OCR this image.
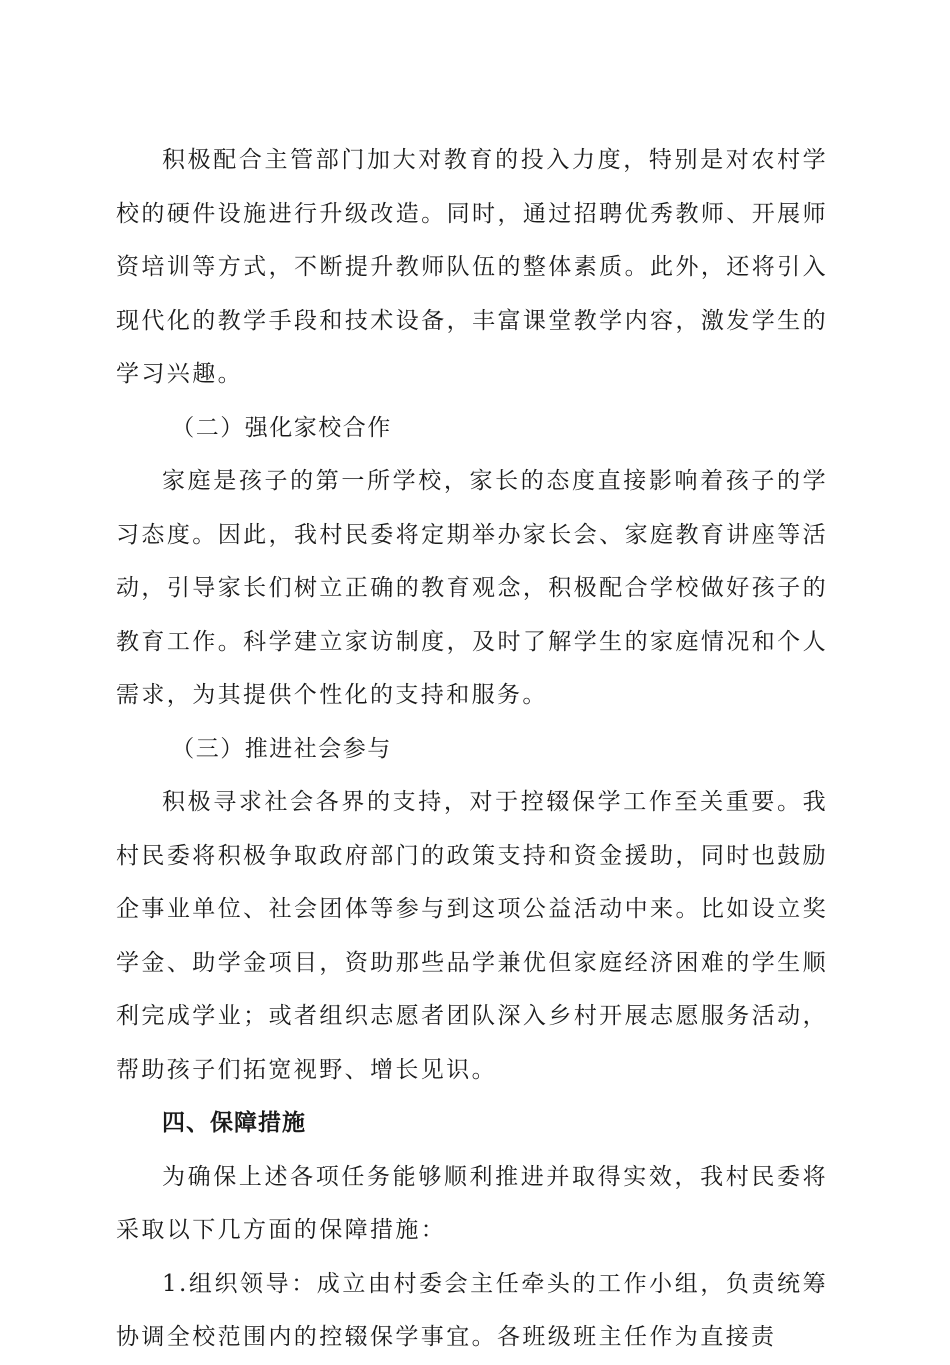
积极配合主管部门加大对教育的投入力度，特别是对农村学校的硬件设施进行升级改造。同时，通过招聘优秀教师、开展师资培训等方式，不断提升教师队伍的整体素质。此外，还将引入现代化的教学手段和技术设备，丰富课堂教学内容，激发学生的学习兴趣。

（二）强化家校合作

家庭是孩子的第一所学校，家长的态度直接影响着孩子的学习态度。因此，我村民委将定期举办家长会、家庭教育讲座等活动，引导家长们树立正确的教育观念，积极配合学校做好孩子的教育工作。科学建立家访制度，及时了解学生的家庭情况和个人需求，为其提供个性化的支持和服务。

（三）推进社会参与

积极寻求社会各界的支持，对于控辍保学工作至关重要。我村民委将积极争取政府部门的政策支持和资金援助，同时也鼓励企事业单位、社会团体等参与到这项公益活动中来。比如设立奖学金、助学金项目，资助那些品学兼优但家庭经济困难的学生顺利完成学业；或者组织志愿者团队深入乡村开展志愿服务活动，帮助孩子们拓宽视野、增长见识。

四、保障措施

为确保上述各项任务能够顺利推进并取得实效，我村民委将采取以下几方面的保障措施：

1.组织领导：成立由村委会主任牵头的工作小组，负责统筹协调全校范围内的控辍保学事宜。各班级班主任作为直接责
